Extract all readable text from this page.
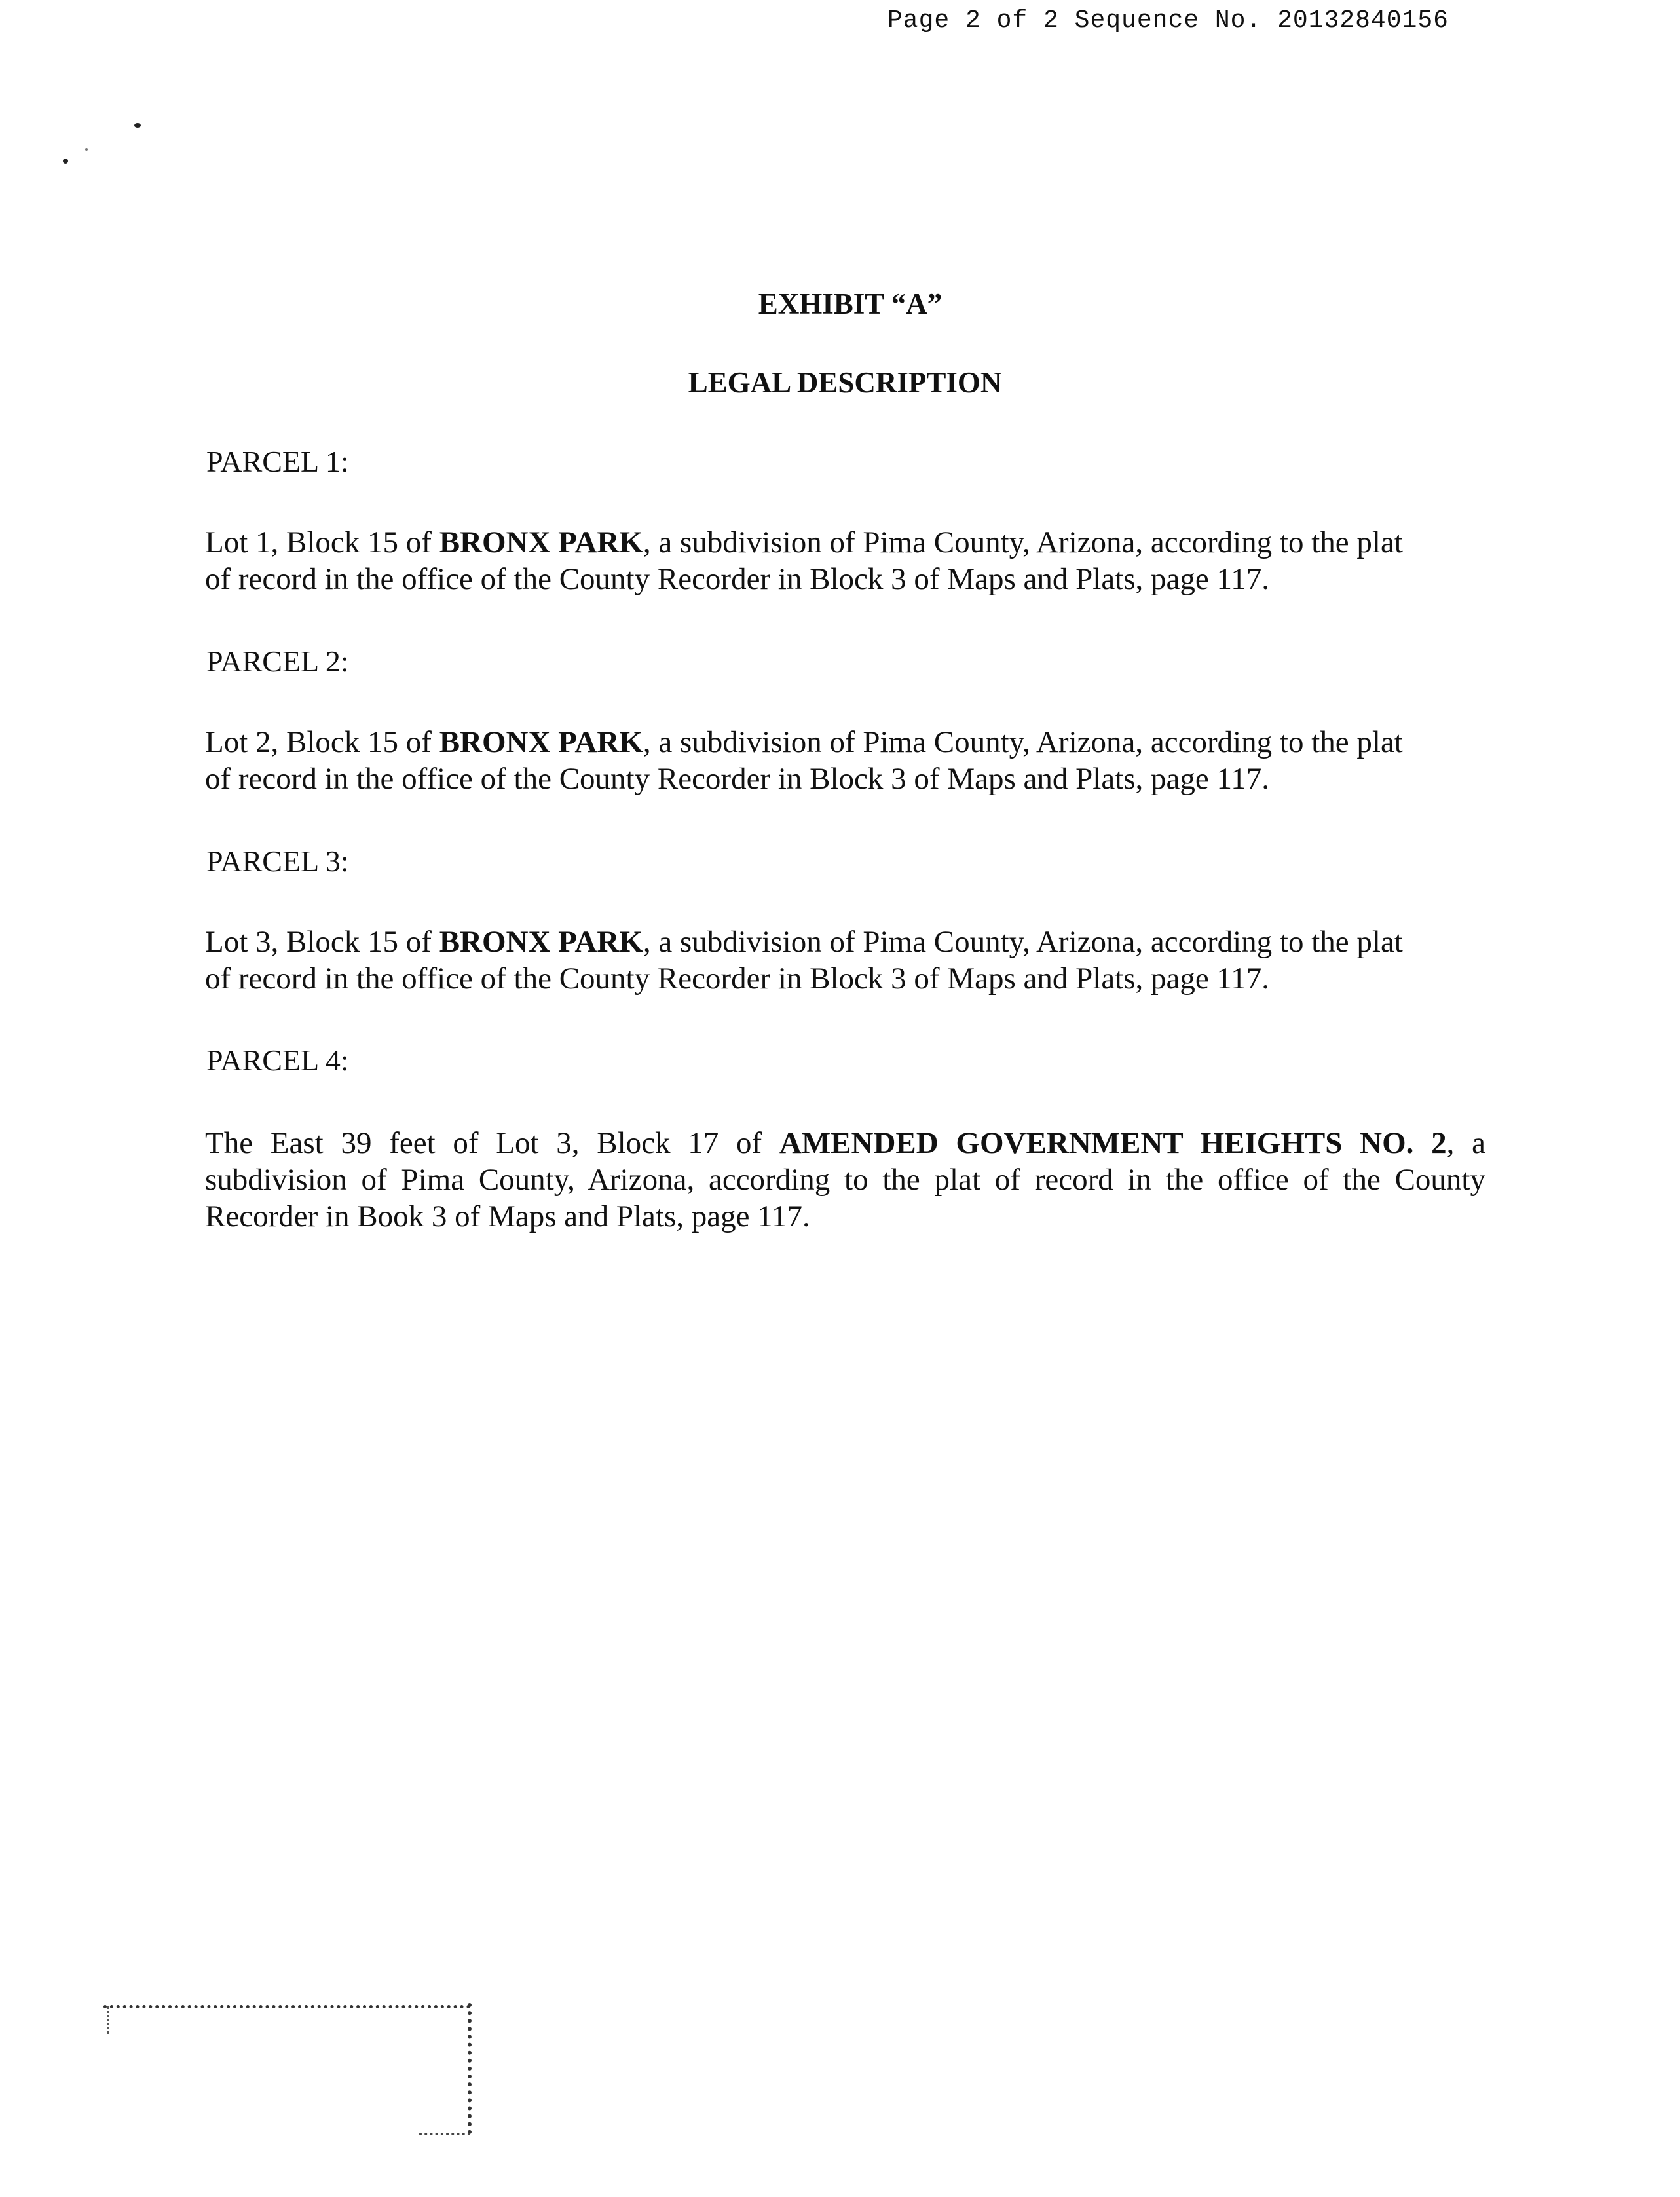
Page 2 of 2 Sequence No. 20132840156
EXHIBIT “A”
LEGAL DESCRIPTION
PARCEL 1:
Lot 1, Block 15 of BRONX PARK, a subdivision of Pima County, Arizona, according to the plat
of record in the office of the County Recorder in Block 3 of Maps and Plats, page 117.
PARCEL 2:
Lot 2, Block 15 of BRONX PARK, a subdivision of Pima County, Arizona, according to the plat
of record in the office of the County Recorder in Block 3 of Maps and Plats, page 117.
PARCEL 3:
Lot 3, Block 15 of BRONX PARK, a subdivision of Pima County, Arizona, according to the plat
of record in the office of the County Recorder in Block 3 of Maps and Plats, page 117.
PARCEL 4:
The East 39 feet of Lot 3, Block 17 of AMENDED GOVERNMENT HEIGHTS NO. 2, a
subdivision of Pima County, Arizona, according to the plat of record in the office of the County
Recorder in Book 3 of Maps and Plats, page 117.
